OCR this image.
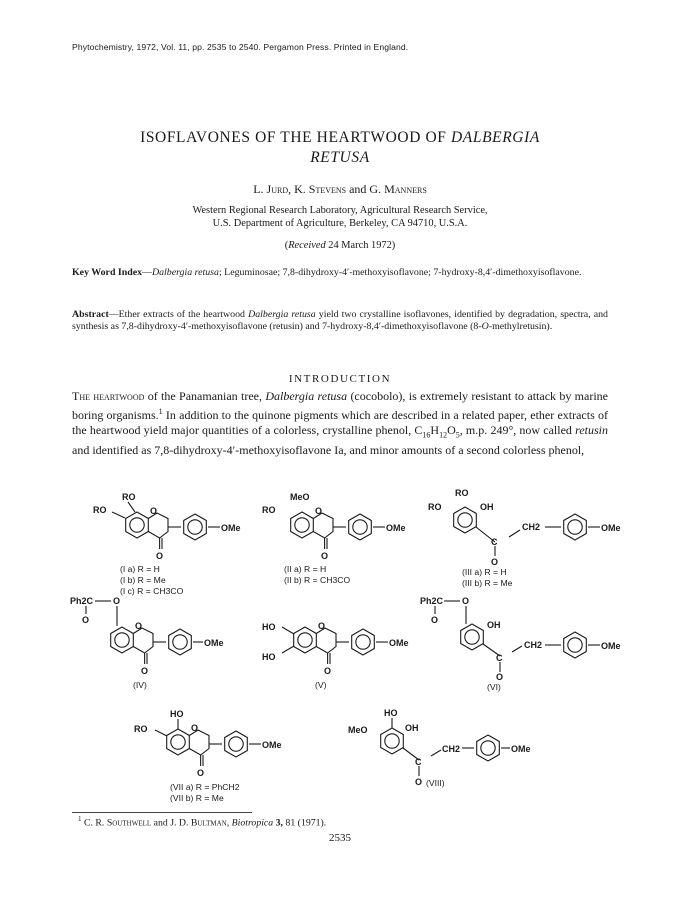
Phytochemistry, 1972, Vol. 11, pp. 2535 to 2540. Pergamon Press. Printed in England.
ISOFLAVONES OF THE HEARTWOOD OF DALBERGIA
RETUSA
L. Jurd, K. Stevens and G. Manners
Western Regional Research Laboratory, Agricultural Research Service,
U.S. Department of Agriculture, Berkeley, CA 94710, U.S.A.
(Received 24 March 1972)
Key Word Index—Dalbergia retusa; Leguminosae; 7,8-dihydroxy-4′-methoxyisoflavone; 7-hydroxy-8,4′-dimethoxyisoflavone.
Abstract—Ether extracts of the heartwood Dalbergia retusa yield two crystalline isoflavones, identified by degradation, spectra, and synthesis as 7,8-dihydroxy-4′-methoxyisoflavone (retusin) and 7-hydroxy-8,4′-dimethoxyisoflavone (8-O-methylretusin).
INTRODUCTION

The heartwood of the Panamanian tree, Dalbergia retusa (cocobolo), is extremely resistant to attack by marine boring organisms.$^1$ In addition to the quinone pigments which are described in a related paper, ether extracts of the heartwood yield major quantities of a colorless, crystalline phenol, $C_{16}H_{12}O_5$, m.p. 249°, now called retusin and identified as 7,8-dihydroxy-4′-methoxyisoflavone Ia, and minor amounts of a second colorless phenol,

RO
RO	O
OMe
O
(I a) R = H
(I b) R = Me
(I c) R = CH3CO
MeO
RO	O
OMe
O
(II a) R = H
(II b) R = CH3CO
RO
RO	OH
C
CH2	OMe
O
(III a) R = H
(III b) R = Me
Ph2C O
O
O
OMe
O
(IV)
HO
HO
O
OMe
O
(V)
Ph2C O
O	OH
C
CH2	OMe
O
(VI)
HO
RO	O
OMe
O
(VII a) R = PhCH2
(VII b) R = Me
HO
MeO	OH
C
CH2	OMe
O (VIII)
$^1$ C. R. Southwell and J. D. Bultman, Biotropica 3, 81 (1971).
2535
